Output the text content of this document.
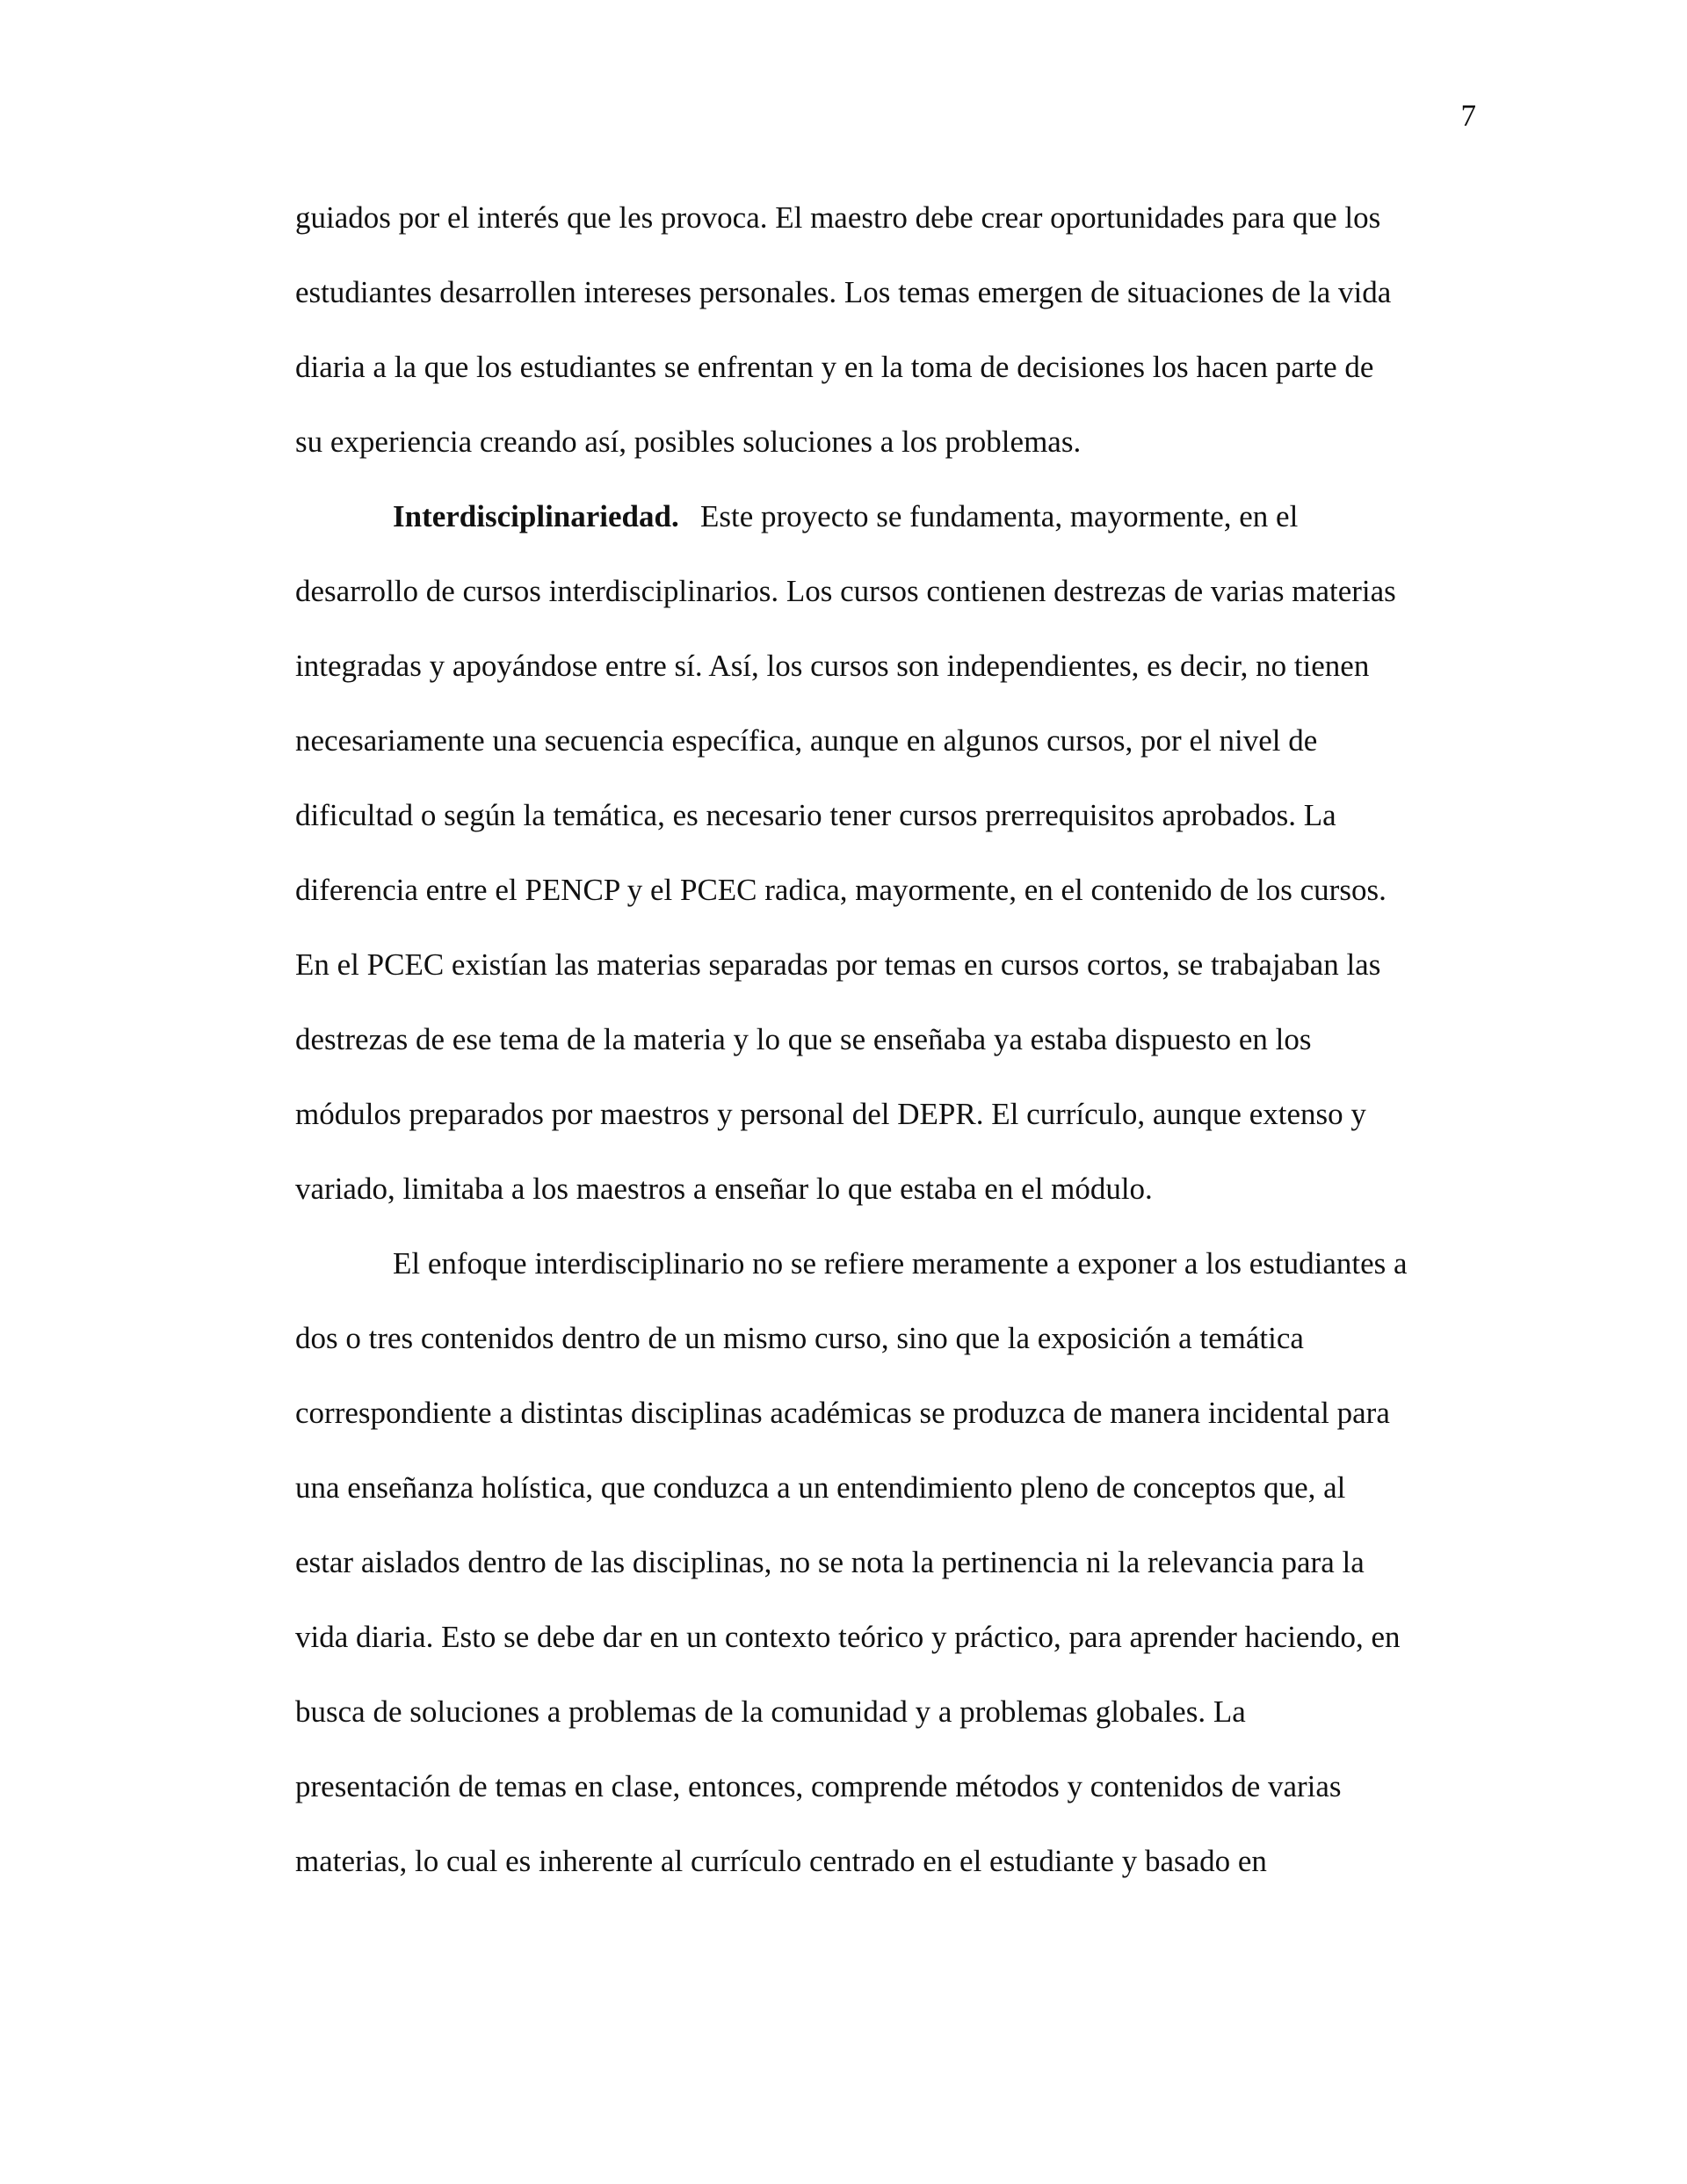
7
guiados por el interés que les provoca. El maestro debe crear oportunidades para que los
estudiantes desarrollen intereses personales. Los temas emergen de situaciones de la vida
diaria a la que los estudiantes se enfrentan y en la toma de decisiones los hacen parte de
su experiencia creando así, posibles soluciones a los problemas.
Interdisciplinariedad. Este proyecto se fundamenta, mayormente, en el
desarrollo de cursos interdisciplinarios. Los cursos contienen destrezas de varias materias
integradas y apoyándose entre sí. Así, los cursos son independientes, es decir, no tienen
necesariamente una secuencia específica, aunque en algunos cursos, por el nivel de
dificultad o según la temática, es necesario tener cursos prerrequisitos aprobados. La
diferencia entre el PENCP y el PCEC radica, mayormente, en el contenido de los cursos.
En el PCEC existían las materias separadas por temas en cursos cortos, se trabajaban las
destrezas de ese tema de la materia y lo que se enseñaba ya estaba dispuesto en los
módulos preparados por maestros y personal del DEPR. El currículo, aunque extenso y
variado, limitaba a los maestros a enseñar lo que estaba en el módulo.
El enfoque interdisciplinario no se refiere meramente a exponer a los estudiantes a
dos o tres contenidos dentro de un mismo curso, sino que la exposición a temática
correspondiente a distintas disciplinas académicas se produzca de manera incidental para
una enseñanza holística, que conduzca a un entendimiento pleno de conceptos que, al
estar aislados dentro de las disciplinas, no se nota la pertinencia ni la relevancia para la
vida diaria. Esto se debe dar en un contexto teórico y práctico, para aprender haciendo, en
busca de soluciones a problemas de la comunidad y a problemas globales. La
presentación de temas en clase, entonces, comprende métodos y contenidos de varias
materias, lo cual es inherente al currículo centrado en el estudiante y basado en
